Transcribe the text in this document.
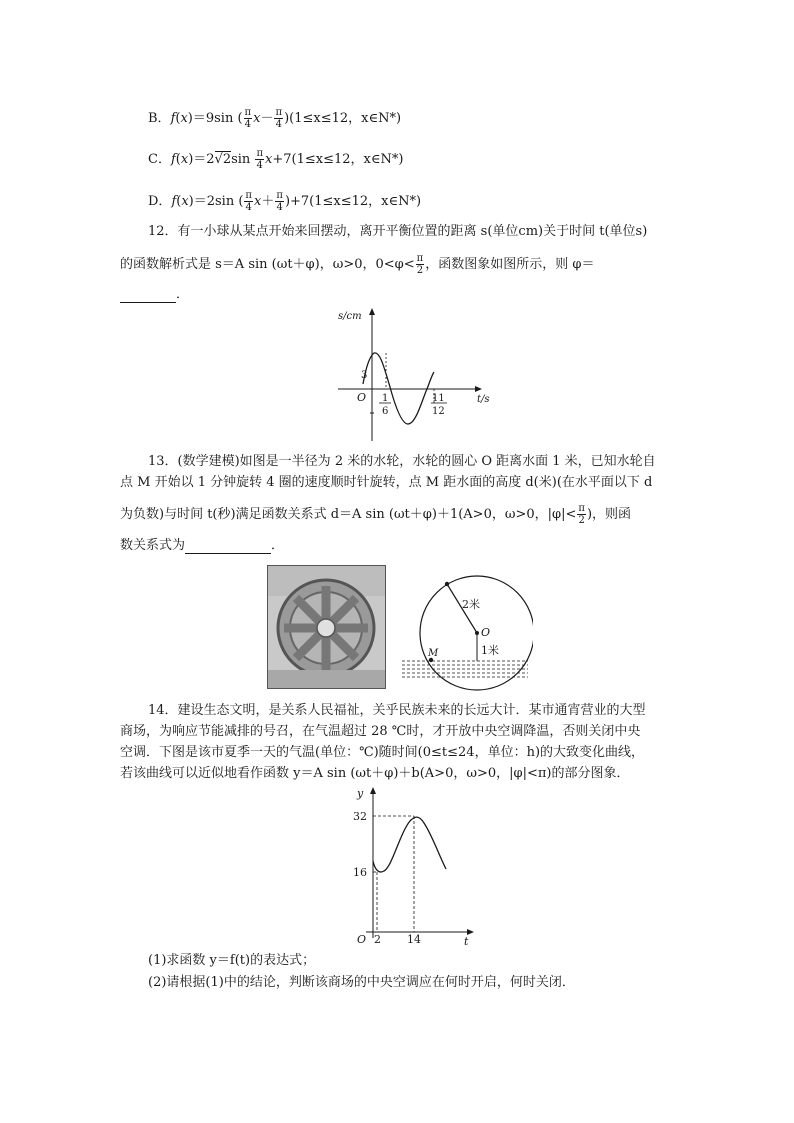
B．f(x)＝9sin ( $\frac{\pi}{4} x- \frac{\pi}{4} )(1\le x\le 12$，x∈N*)
C．$f(x)=2√2\sin \frac{\pi}{4} x+7(1\le x\le 12$，x∈N*)
D．f(x)＝2sin ( $\frac{\pi}{4} x+ \frac{\pi}{4} )+7(1\le x\le 12$，x∈N*)
12．有一小球从某点开始来回摆动，离开平衡位置的距离 s(单位cm)关于时间 t(单位s)
的函数解析式是 s＝A sin (ωt＋φ)，ω>0，$0<\varphi< \frac{\pi}{2}$ ，函数图象如图所示，则 φ＝
．
s/cm
t/s
O
3
1
6
11
12
13．(数学建模)如图是一半径为 2 米的水轮，水轮的圆心 O 距离水面 1 米，已知水轮自
点 M 开始以 1 分钟旋转 4 圈的速度顺时针旋转，点 M 距水面的高度 d(米)(在水平面以下 d
为负数)与时间 t(秒)满足函数关系式 d＝A sin (ωt＋φ)＋1(A>0，ω>0，$|\varphi|< \frac{\pi}{2}$ )，则函
数关系式为	．
2米
O
1米
M
14．建设生态文明，是关系人民福祉，关乎民族未来的长远大计．某市通宵营业的大型
商场，为响应节能减排的号召，在气温超过 28 ℃时，才开放中央空调降温，否则关闭中央
空调．下图是该市夏季一天的气温(单位：℃)随时间(0≤t≤24，单位：h)的大致变化曲线，
若该曲线可以近似地看作函数 y＝A sin (ωt＋φ)＋b(A>0，ω>0，|φ|<π)的部分图象．
y
t
O
32
16
2 14
(1)求函数 y＝f(t)的表达式；
(2)请根据(1)中的结论，判断该商场的中央空调应在何时开启，何时关闭．
